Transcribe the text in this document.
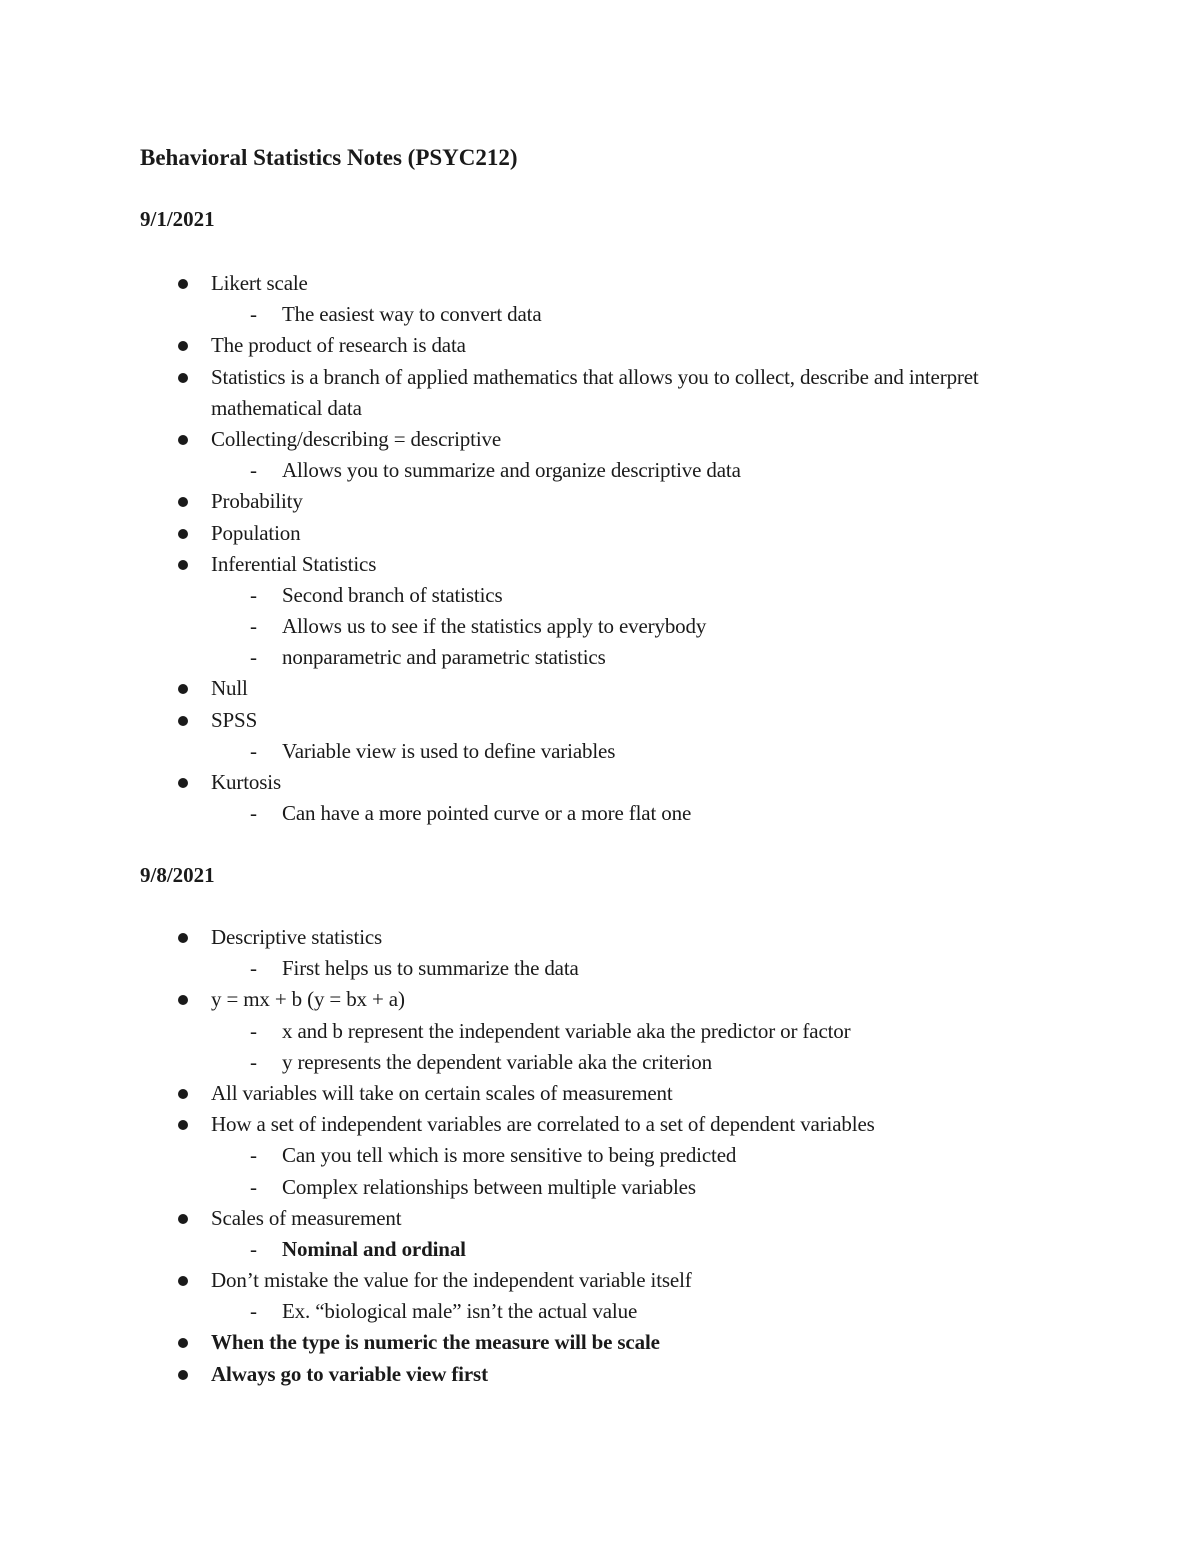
Behavioral Statistics Notes (PSYC212)
9/1/2021
Likert scale
- The easiest way to convert data
The product of research is data
Statistics is a branch of applied mathematics that allows you to collect, describe and interpret mathematical data
Collecting/describing = descriptive
- Allows you to summarize and organize descriptive data
Probability
Population
Inferential Statistics
- Second branch of statistics
- Allows us to see if the statistics apply to everybody
- nonparametric and parametric statistics
Null
SPSS
- Variable view is used to define variables
Kurtosis
- Can have a more pointed curve or a more flat one
9/8/2021
Descriptive statistics
- First helps us to summarize the data
y = mx + b (y = bx + a)
- x and b represent the independent variable aka the predictor or factor
- y represents the dependent variable aka the criterion
All variables will take on certain scales of measurement
How a set of independent variables are correlated to a set of dependent variables
- Can you tell which is more sensitive to being predicted
- Complex relationships between multiple variables
Scales of measurement
- Nominal and ordinal
Don’t mistake the value for the independent variable itself
- Ex. “biological male” isn’t the actual value
When the type is numeric the measure will be scale
Always go to variable view first
